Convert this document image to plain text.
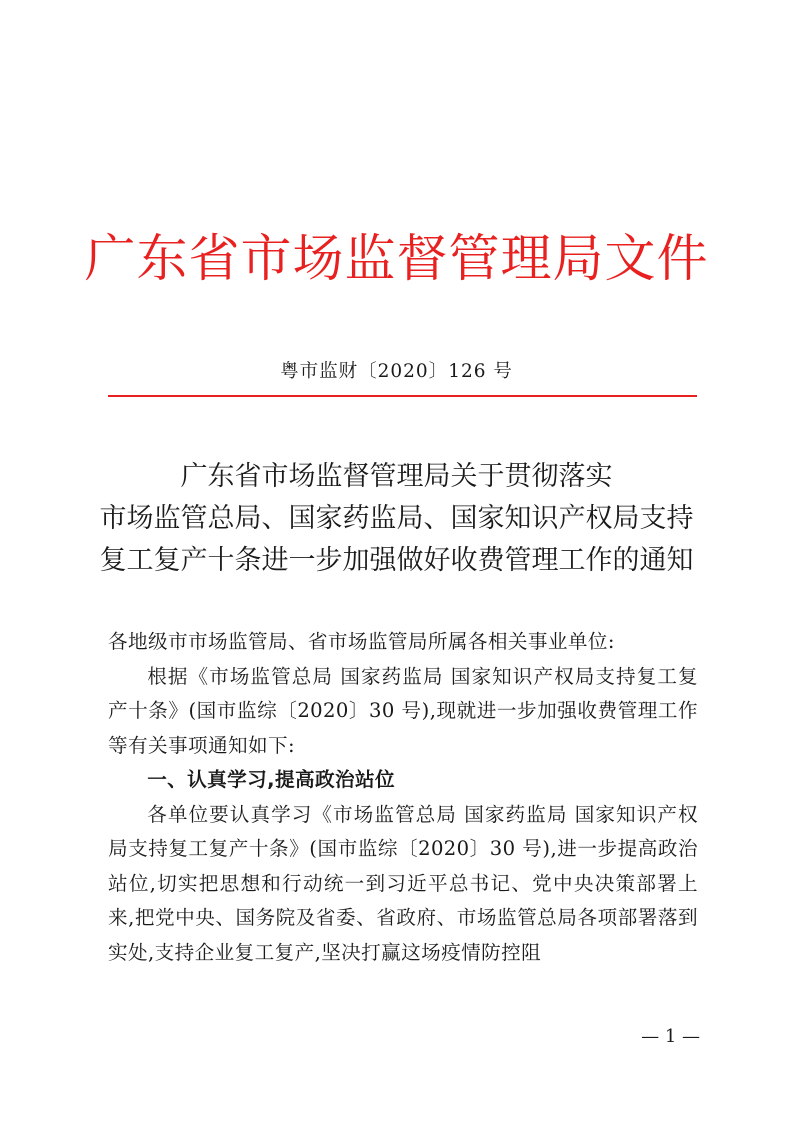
广东省市场监督管理局文件
粤市监财〔2020〕126 号
广东省市场监督管理局关于贯彻落实
市场监管总局、国家药监局、国家知识产权局支持
复工复产十条进一步加强做好收费管理工作的通知

各地级市市场监管局、省市场监管局所属各相关事业单位:

根据《市场监管总局 国家药监局 国家知识产权局支持复工复产十条》(国市监综〔2020〕30 号),现就进一步加强收费管理工作等有关事项通知如下:

一、认真学习,提高政治站位

各单位要认真学习《市场监管总局 国家药监局 国家知识产权局支持复工复产十条》(国市监综〔2020〕30 号),进一步提高政治站位,切实把思想和行动统一到习近平总书记、党中央决策部署上来,把党中央、国务院及省委、省政府、市场监管总局各项部署落到实处,支持企业复工复产,坚决打赢这场疫情防控阻

— 1 —
